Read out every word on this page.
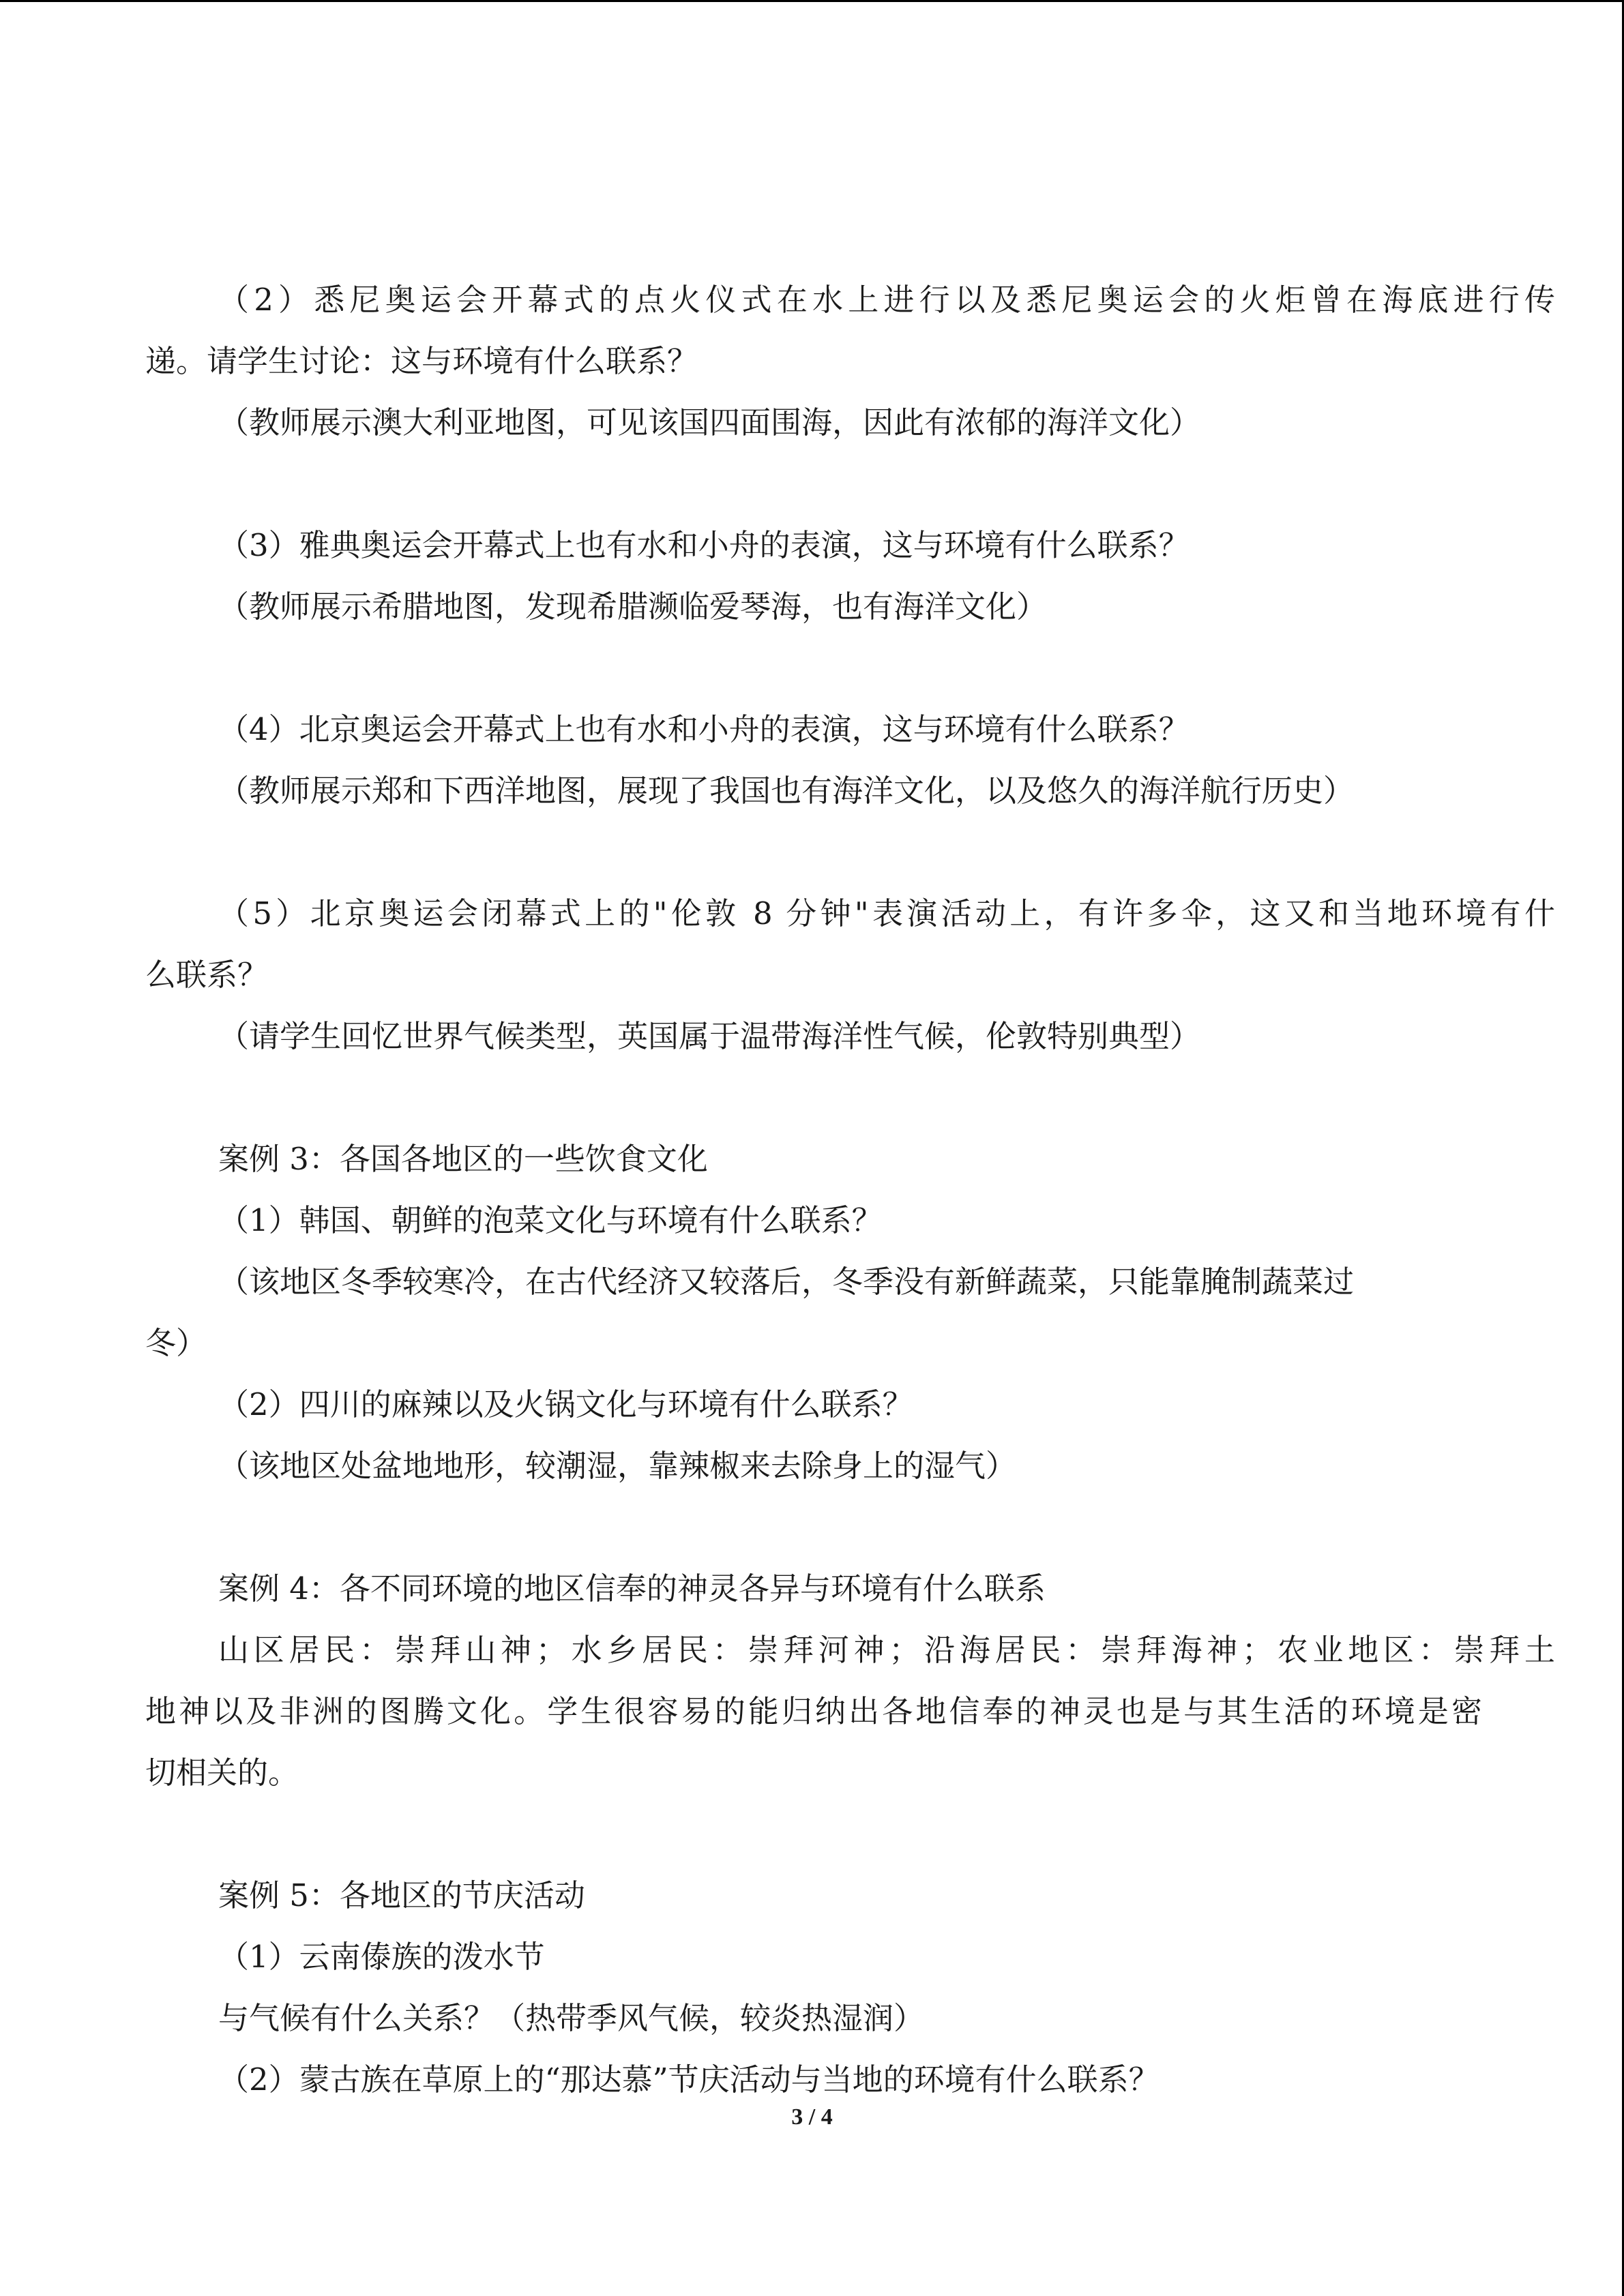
（2）悉尼奥运会开幕式的点火仪式在水上进行以及悉尼奥运会的火炬曾在海底进行传

递。请学生讨论：这与环境有什么联系？

（教师展示澳大利亚地图，可见该国四面围海，因此有浓郁的海洋文化）

（3）雅典奥运会开幕式上也有水和小舟的表演，这与环境有什么联系？

（教师展示希腊地图，发现希腊濒临爱琴海，也有海洋文化）

（4）北京奥运会开幕式上也有水和小舟的表演，这与环境有什么联系？

（教师展示郑和下西洋地图，展现了我国也有海洋文化，以及悠久的海洋航行历史）

（5）北京奥运会闭幕式上的"伦敦 8 分钟"表演活动上，有许多伞，这又和当地环境有什

么联系？

（请学生回忆世界气候类型，英国属于温带海洋性气候，伦敦特别典型）

案例 3：各国各地区的一些饮食文化

（1）韩国、朝鲜的泡菜文化与环境有什么联系？

（该地区冬季较寒冷，在古代经济又较落后，冬季没有新鲜蔬菜，只能靠腌制蔬菜过

冬）

（2）四川的麻辣以及火锅文化与环境有什么联系？

（该地区处盆地地形，较潮湿，靠辣椒来去除身上的湿气）

案例 4：各不同环境的地区信奉的神灵各异与环境有什么联系

山区居民：崇拜山神；水乡居民：崇拜河神；沿海居民：崇拜海神；农业地区：崇拜土

地神以及非洲的图腾文化。学生很容易的能归纳出各地信奉的神灵也是与其生活的环境是密

切相关的。

案例 5：各地区的节庆活动

（1）云南傣族的泼水节

与气候有什么关系？（热带季风气候，较炎热湿润）

（2）蒙古族在草原上的“那达慕”节庆活动与当地的环境有什么联系？

3 / 4
